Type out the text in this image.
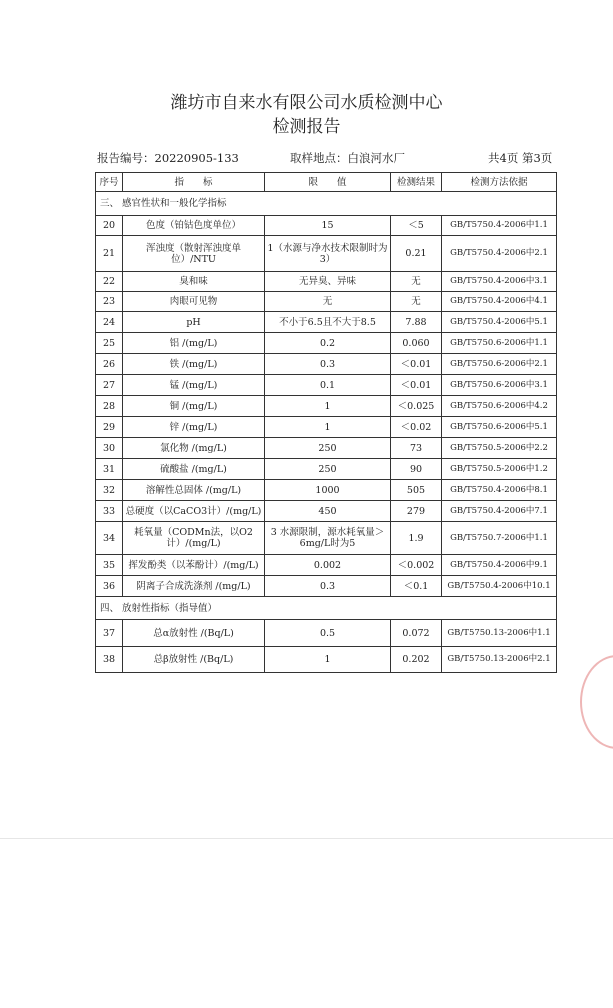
潍坊市自来水有限公司水质检测中心
检测报告
报告编号：20220905-133	取样地点：白浪河水厂	共4页 第3页
序号	指　　标	限　　值	检测结果	检测方法依据
三、 感官性状和一般化学指标				
20	色度（铂钴色度单位）	15	＜5	GB/T5750.4-2006中1.1
21	浑浊度（散射浑浊度单位）/NTU	1（水源与净水技术限制时为3）	0.21	GB/T5750.4-2006中2.1
22	臭和味	无异臭、异味	无	GB/T5750.4-2006中3.1
23	肉眼可见物	无	无	GB/T5750.4-2006中4.1
24	pH	不小于6.5且不大于8.5	7.88	GB/T5750.4-2006中5.1
25	铝 /(mg/L)	0.2	0.060	GB/T5750.6-2006中1.1
26	铁 /(mg/L)	0.3	＜0.01	GB/T5750.6-2006中2.1
27	锰 /(mg/L)	0.1	＜0.01	GB/T5750.6-2006中3.1
28	铜 /(mg/L)	1	＜0.025	GB/T5750.6-2006中4.2
29	锌 /(mg/L)	1	＜0.02	GB/T5750.6-2006中5.1
30	氯化物 /(mg/L)	250	73	GB/T5750.5-2006中2.2
31	硫酸盐 /(mg/L)	250	90	GB/T5750.5-2006中1.2
32	溶解性总固体 /(mg/L)	1000	505	GB/T5750.4-2006中8.1
33	总硬度（以CaCO3计）/(mg/L)	450	279	GB/T5750.4-2006中7.1
34	耗氧量（CODMn法，以O2计）/(mg/L)	3 水源限制，源水耗氧量＞6mg/L时为5	1.9	GB/T5750.7-2006中1.1
35	挥发酚类（以苯酚计）/(mg/L)	0.002	＜0.002	GB/T5750.4-2006中9.1
36	阴离子合成洗涤剂 /(mg/L)	0.3	＜0.1	GB/T5750.4-2006中10.1
四、 放射性指标（指导值）				
37	总α放射性 /(Bq/L)	0.5	0.072	GB/T5750.13-2006中1.1
38	总β放射性 /(Bq/L)	1	0.202	GB/T5750.13-2006中2.1
